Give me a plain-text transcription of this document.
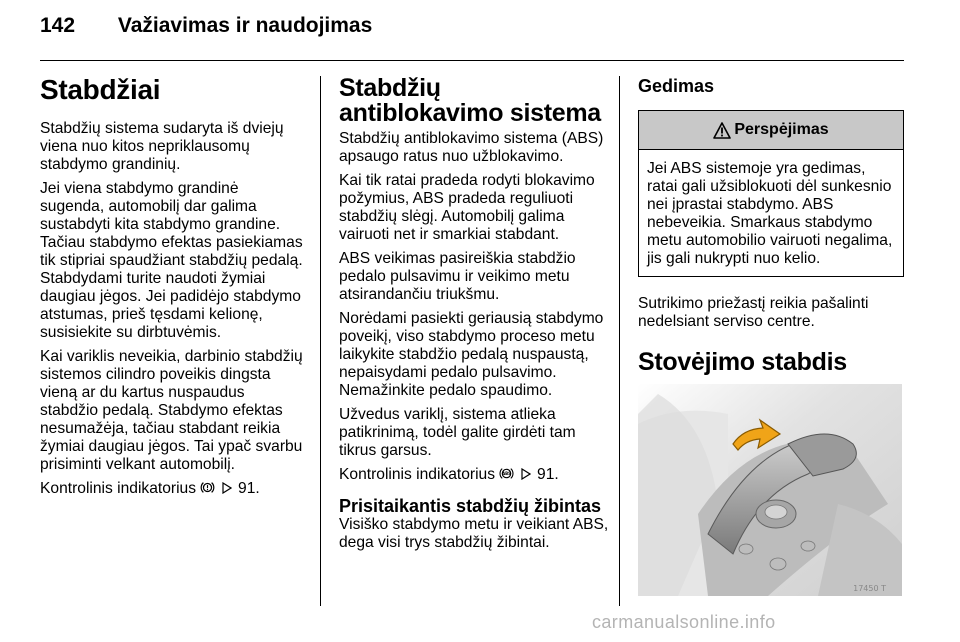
142 Važiavimas ir naudojimas
Stabdžiai

Stabdžių sistema sudaryta iš dviejų viena nuo kitos nepriklausomų stabdymo grandinių.

Jei viena stabdymo grandinė sugenda, automobilį dar galima sustabdyti kita stabdymo grandine. Tačiau stabdymo efektas pasiekiamas tik stipriai spaudžiant stabdžių pedalą. Stabdydami turite naudoti žymiai daugiau jėgos. Jei padidėjo stabdymo atstumas, prieš tęsdami kelionę, susisiekite su dirbtuvėmis.

Kai variklis neveikia, darbinio stabdžių sistemos cilindro poveikis dingsta vieną ar du kartus nuspaudus stabdžio pedalą. Stabdymo efektas nesumažėja, tačiau stabdant reikia žymiai daugiau jėgos. Tai ypač svarbu prisiminti velkant automobilį.

Kontrolinis indikatorius	91.

Stabdžių antiblokavimo sistema

Stabdžių antiblokavimo sistema (ABS) apsaugo ratus nuo užblokavimo.

Kai tik ratai pradeda rodyti blokavimo požymius, ABS pradeda reguliuoti stabdžių slėgį. Automobilį galima vairuoti net ir smarkiai stabdant.

ABS veikimas pasireiškia stabdžio pedalo pulsavimu ir veikimo metu atsirandančiu triukšmu.

Norėdami pasiekti geriausią stabdymo poveikį, viso stabdymo proceso metu laikykite stabdžio pedalą nuspaustą, nepaisydami pedalo pulsavimo. Nemažinkite pedalo spaudimo.

Užvedus variklį, sistema atlieka patikrinimą, todėl galite girdėti tam tikrus garsus.

Kontrolinis indikatorius ABS 91.

Prisitaikantis stabdžių žibintas

Visiško stabdymo metu ir veikiant ABS, dega visi trys stabdžių žibintai.

Gedimas
Perspėjimas
Jei ABS sistemoje yra gedimas, ratai gali užsiblokuoti dėl sunkesnio nei įprastai stabdymo. ABS nebeveikia. Smarkaus stabdymo metu automobilio vairuoti negalima, jis gali nukrypti nuo kelio.

Sutrikimo priežastį reikia pašalinti nedelsiant serviso centre.

Stovėjimo stabdis
17450 T
carmanualsonline.info
